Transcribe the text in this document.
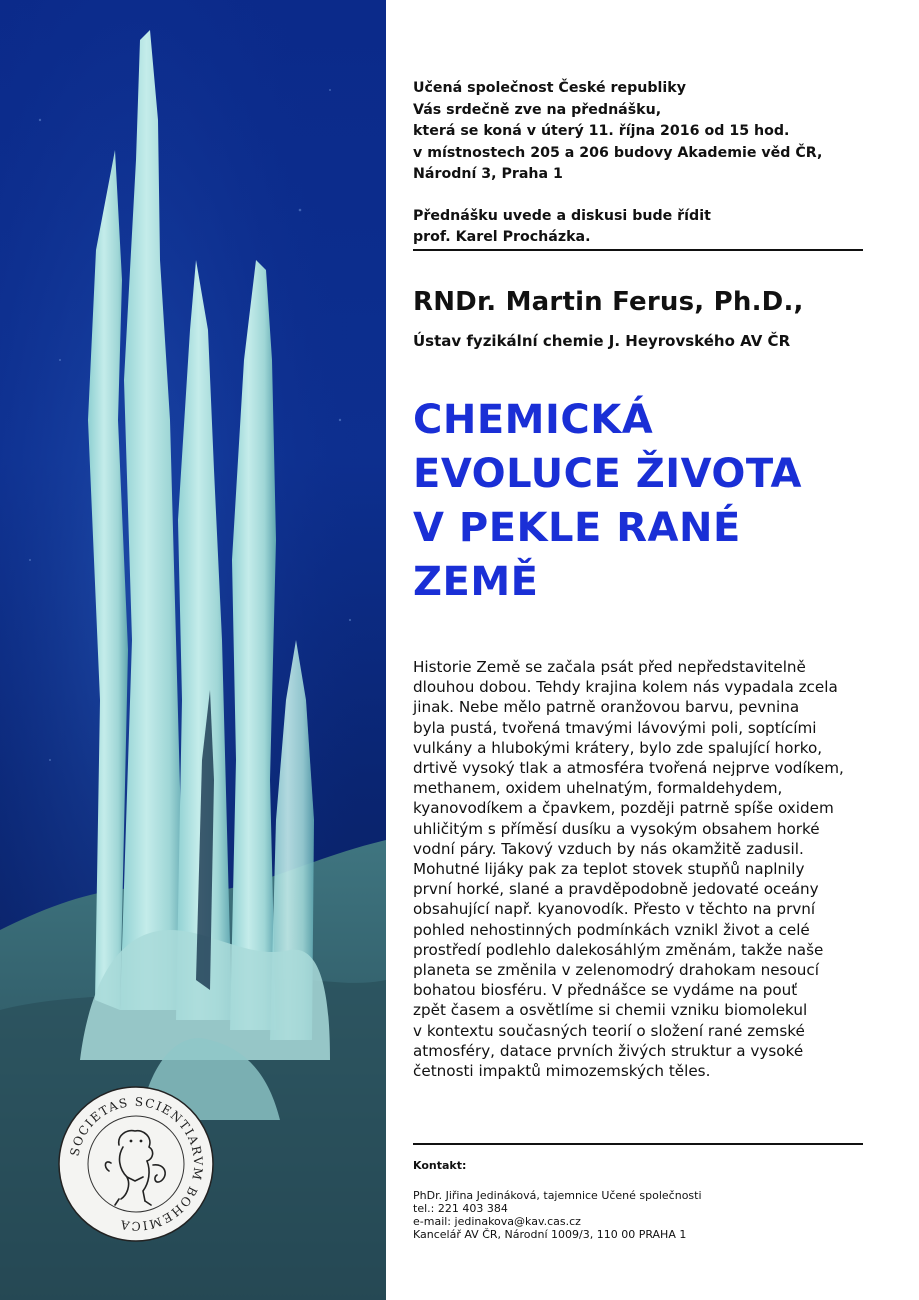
SOCIETAS SCIENTIARVM BOHEMICA

Učená společnost České republiky

Vás srdečně zve na přednášku,

která se koná v úterý 11. října 2016 od 15 hod.

v místnostech 205 a 206 budovy Akademie věd ČR,

Národní 3, Praha 1

Přednášku uvede a diskusi bude řídit

prof. Karel Procházka.

RNDr. Martin Ferus, Ph.D.,
Ústav fyzikální chemie J. Heyrovského AV ČR
CHEMICKÁ
EVOLUCE ŽIVOTA
V PEKLE RANÉ
ZEMĚ
Historie Země se začala psát před nepředstavitelně
dlouhou dobou. Tehdy krajina kolem nás vypadala zcela
jinak. Nebe mělo patrně oranžovou barvu, pevnina
byla pustá, tvořená tmavými lávovými poli, soptícími
vulkány a hlubokými krátery, bylo zde spalující horko,
drtivě vysoký tlak a atmosféra tvořená nejprve vodíkem,
methanem, oxidem uhelnatým, formaldehydem,
kyanovodíkem a čpavkem, později patrně spíše oxidem
uhličitým s příměsí dusíku a vysokým obsahem horké
vodní páry. Takový vzduch by nás okamžitě zadusil.
Mohutné lijáky pak za teplot stovek stupňů naplnily
první horké, slané a pravděpodobně jedovaté oceány
obsahující např. kyanovodík. Přesto v těchto na první
pohled nehostinných podmínkách vznikl život a celé
prostředí podlehlo dalekosáhlým změnám, takže naše
planeta se změnila v zelenomodrý drahokam nesoucí
bohatou biosféru. V přednášce se vydáme na pouť
zpět časem a osvětlíme si chemii vzniku biomolekul
v kontextu současných teorií o složení rané zemské
atmosféry, datace prvních živých struktur a vysoké
četnosti impaktů mimozemských těles.
Kontakt:
PhDr. Jiřina Jedináková, tajemnice Učené společnosti
tel.: 221 403 384
e-mail: jedinakova@kav.cas.cz
Kancelář AV ČR, Národní 1009/3, 110 00 PRAHA 1
